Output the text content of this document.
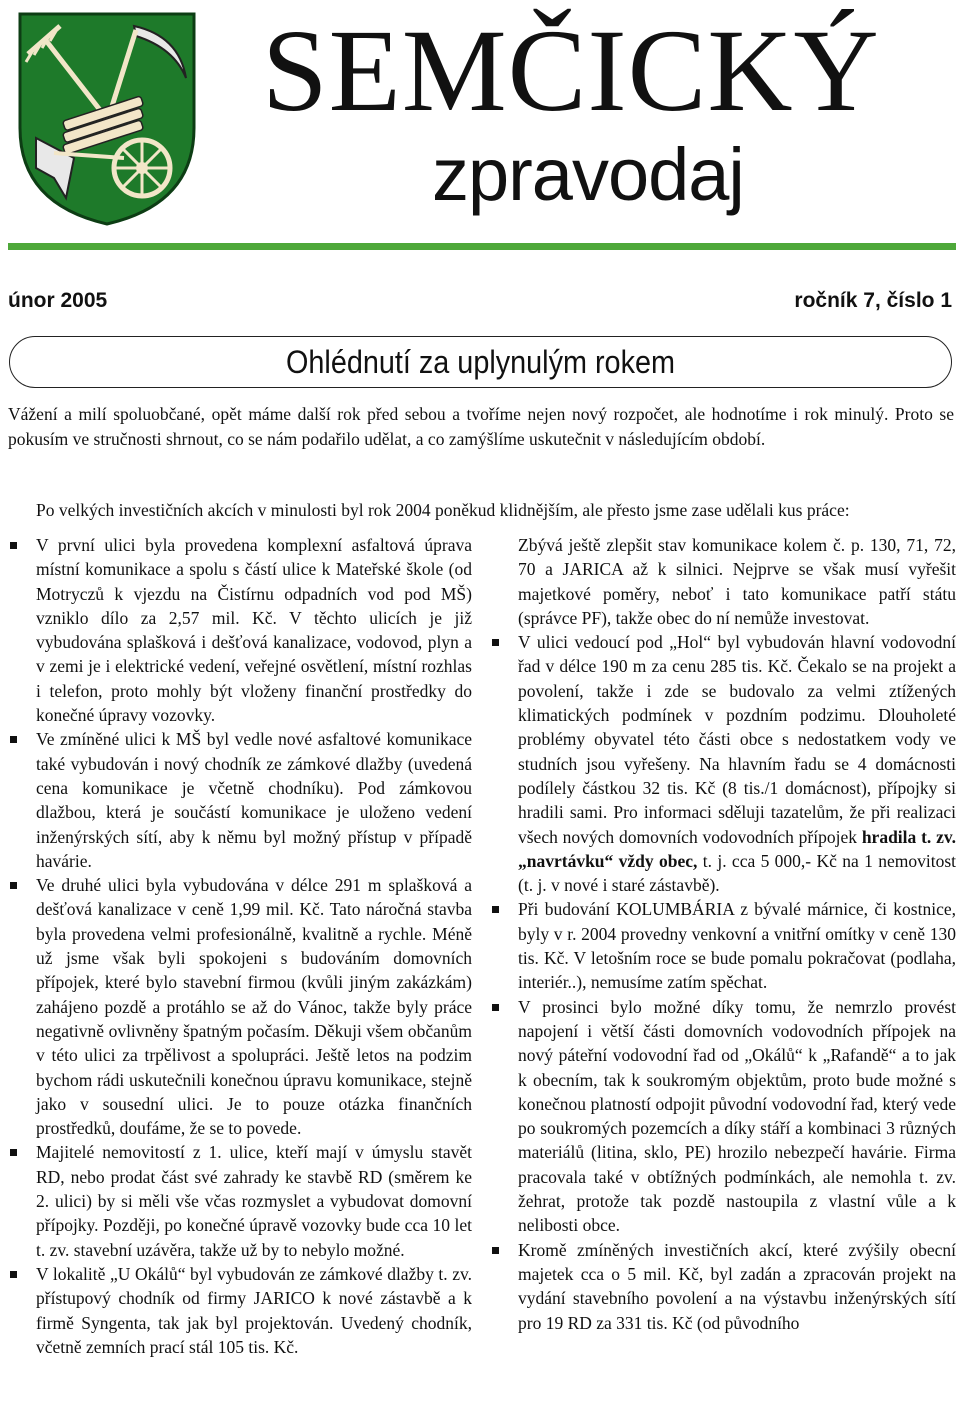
SEMČICKÝ
zpravodaj
únor 2005	ročník 7, číslo 1
Ohlédnutí za uplynulým rokem

Vážení a milí spoluobčané, opět máme další rok před sebou a tvoříme nejen nový rozpočet, ale hodnotíme i rok minulý. Proto se pokusím ve stručnosti shrnout, co se nám podařilo udělat, a co zamýšlíme uskutečnit v následujícím období.

Po velkých investičních akcích v minulosti byl rok 2004 poněkud klidnějším, ale přesto jsme zase udělali kus práce:

V první ulici byla provedena komplexní asfaltová úprava místní komunikace a spolu s částí ulice k Mateřské škole (od Motryczů k vjezdu na Čistírnu odpadních vod pod MŠ) vzniklo dílo za 2,57 mil. Kč. V těchto ulicích je již vybudována splašková i dešťová kanalizace, vodovod, plyn a v zemi je i elektrické vedení, veřejné osvětlení, místní rozhlas i telefon, proto mohly být vloženy finanční prostředky do konečné úpravy vozovky.
Ve zmíněné ulici k MŠ byl vedle nové asfaltové komunikace také vybudován i nový chodník ze zámkové dlažby (uvedená cena komunikace je včetně chodníku). Pod zámkovou dlažbou, která je součástí komunikace je uloženo vedení inženýrských sítí, aby k němu byl možný přístup v případě havárie.
Ve druhé ulici byla vybudována v délce 291 m splašková a dešťová kanalizace v ceně 1,99 mil. Kč. Tato náročná stavba byla provedena velmi profesionálně, kvalitně a rychle. Méně už jsme však byli spokojeni s budováním domovních přípojek, které bylo stavební firmou (kvůli jiným zakázkám) zahájeno pozdě a protáhlo se až do Vánoc, takže byly práce negativně ovlivněny špatným počasím. Děkuji všem občanům v této ulici za trpělivost a spolupráci. Ještě letos na podzim bychom rádi uskutečnili konečnou úpravu komunikace, stejně jako v sousední ulici. Je to pouze otázka finančních prostředků, doufáme, že se to povede.
Majitelé nemovitostí z 1. ulice, kteří mají v úmyslu stavět RD, nebo prodat část své zahrady ke stavbě RD (směrem ke 2. ulici) by si měli vše včas rozmyslet a vybudovat domovní přípojky. Později, po konečné úpravě vozovky bude cca 10 let t. zv. stavební uzávěra, takže už by to nebylo možné.
V lokalitě „U Okálů“ byl vybudován ze zámkové dlažby t. zv. přístupový chodník od firmy JARICO k nové zástavbě a k firmě Syngenta, tak jak byl projektován. Uvedený chodník, včetně zemních prací stál 105 tis. Kč.

Zbývá ještě zlepšit stav komunikace kolem č. p. 130, 71, 72, 70 a JARICA až k silnici. Nejprve se však musí vyřešit majetkové poměry, neboť i tato komunikace patří státu (správce PF), takže obec do ní nemůže investovat.

V ulici vedoucí pod „Hol“ byl vybudován hlavní vodovodní řad v délce 190 m za cenu 285 tis. Kč. Čekalo se na projekt a povolení, takže i zde se budovalo za velmi ztížených klimatických podmínek v pozdním podzimu. Dlouholeté problémy obyvatel této části obce s nedostatkem vody ve studních jsou vyřešeny. Na hlavním řadu se 4 domácnosti podílely částkou 32 tis. Kč (8 tis./1 domácnost), přípojky si hradili sami. Pro informaci sděluji tazatelům, že při realizaci všech nových domovních vodovodních přípojek hradila t. zv. „navrtávku“ vždy obec, t. j. cca 5 000,- Kč na 1 nemovitost (t. j. v nové i staré zástavbě).
Při budování KOLUMBÁRIA z bývalé márnice, či kostnice, byly v r. 2004 provedny venkovní a vnitřní omítky v ceně 130 tis. Kč. V letošním roce se bude pomalu pokračovat (podlaha, interiér..), nemusíme zatím spěchat.
V prosinci bylo možné díky tomu, že nemrzlo provést napojení i větší části domovních vodovodních přípojek na nový páteřní vodovodní řad od „Okálů“ k „Rafandě“ a to jak k obecním, tak k soukromým objektům, proto bude možné s konečnou platností odpojit původní vodovodní řad, který vede po soukromých pozemcích a díky stáří a kombinaci 3 různých materiálů (litina, sklo, PE) hrozilo nebezpečí havárie. Firma pracovala také v obtížných podmínkách, ale nemohla t. zv. žehrat, protože tak pozdě nastoupila z vlastní vůle a k nelibosti obce.
Kromě zmíněných investičních akcí, které zvýšily obecní majetek cca o 5 mil. Kč, byl zadán a zpracován projekt na vydání stavebního povolení a na výstavbu inženýrských sítí pro 19 RD za 331 tis. Kč (od původního
